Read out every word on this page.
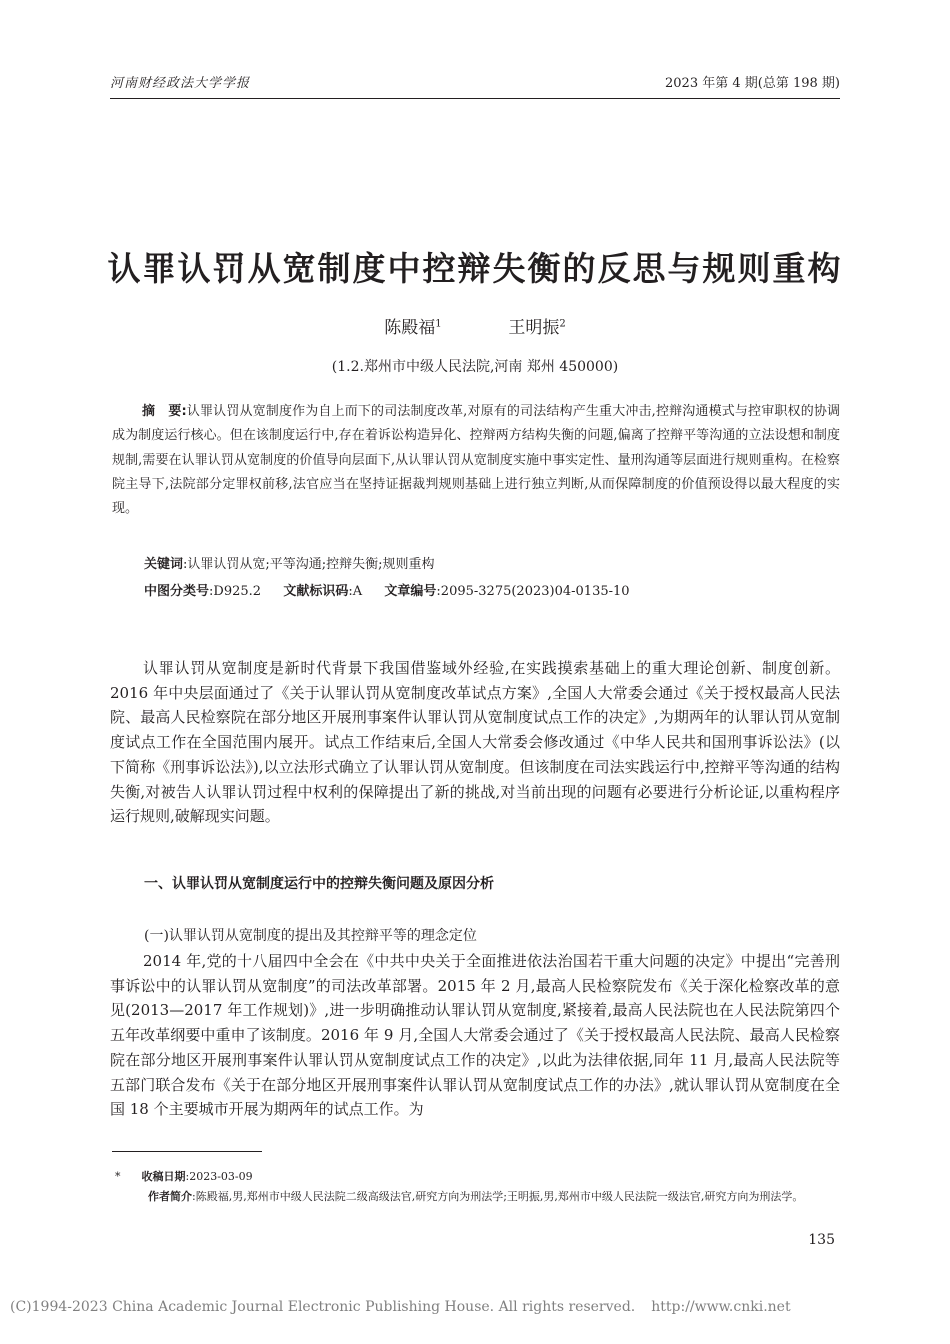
河南财经政法大学学报	2023 年第 4 期(总第 198 期)
认罪认罚从宽制度中控辩失衡的反思与规则重构
陈殿福$^1$	王明振$^2$
(1.2.郑州市中级人民法院,河南 郑州 450000)
摘　要:认罪认罚从宽制度作为自上而下的司法制度改革,对原有的司法结构产生重大冲击,控辩沟通模式与控审职权的协调成为制度运行核心。但在该制度运行中,存在着诉讼构造异化、控辩两方结构失衡的问题,偏离了控辩平等沟通的立法设想和制度规制,需要在认罪认罚从宽制度的价值导向层面下,从认罪认罚从宽制度实施中事实定性、量刑沟通等层面进行规则重构。在检察院主导下,法院部分定罪权前移,法官应当在坚持证据裁判规则基础上进行独立判断,从而保障制度的价值预设得以最大程度的实现。
关键词:认罪认罚从宽;平等沟通;控辩失衡;规则重构
中图分类号:D925.2 文献标识码:A 文章编号:2095-3275(2023)04-0135-10
认罪认罚从宽制度是新时代背景下我国借鉴域外经验,在实践摸索基础上的重大理论创新、制度创新。2016 年中央层面通过了《关于认罪认罚从宽制度改革试点方案》,全国人大常委会通过《关于授权最高人民法院、最高人民检察院在部分地区开展刑事案件认罪认罚从宽制度试点工作的决定》,为期两年的认罪认罚从宽制度试点工作在全国范围内展开。试点工作结束后,全国人大常委会修改通过《中华人民共和国刑事诉讼法》(以下简称《刑事诉讼法》),以立法形式确立了认罪认罚从宽制度。但该制度在司法实践运行中,控辩平等沟通的结构失衡,对被告人认罪认罚过程中权利的保障提出了新的挑战,对当前出现的问题有必要进行分析论证,以重构程序运行规则,破解现实问题。
一、认罪认罚从宽制度运行中的控辩失衡问题及原因分析
(一)认罪认罚从宽制度的提出及其控辩平等的理念定位
2014 年,党的十八届四中全会在《中共中央关于全面推进依法治国若干重大问题的决定》中提出“完善刑事诉讼中的认罪认罚从宽制度”的司法改革部署。2015 年 2 月,最高人民检察院发布《关于深化检察改革的意见(2013—2017 年工作规划)》,进一步明确推动认罪认罚从宽制度,紧接着,最高人民法院也在人民法院第四个五年改革纲要中重申了该制度。2016 年 9 月,全国人大常委会通过了《关于授权最高人民法院、最高人民检察院在部分地区开展刑事案件认罪认罚从宽制度试点工作的决定》,以此为法律依据,同年 11 月,最高人民法院等五部门联合发布《关于在部分地区开展刑事案件认罪认罚从宽制度试点工作的办法》,就认罪认罚从宽制度在全国 18 个主要城市开展为期两年的试点工作。为
* 收稿日期:2023-03-09
作者简介:陈殿福,男,郑州市中级人民法院二级高级法官,研究方向为刑法学;王明振,男,郑州市中级人民法院一级法官,研究方向为刑法学。
135
(C)1994-2023 China Academic Journal Electronic Publishing House. All rights reserved. http://www.cnki.net
